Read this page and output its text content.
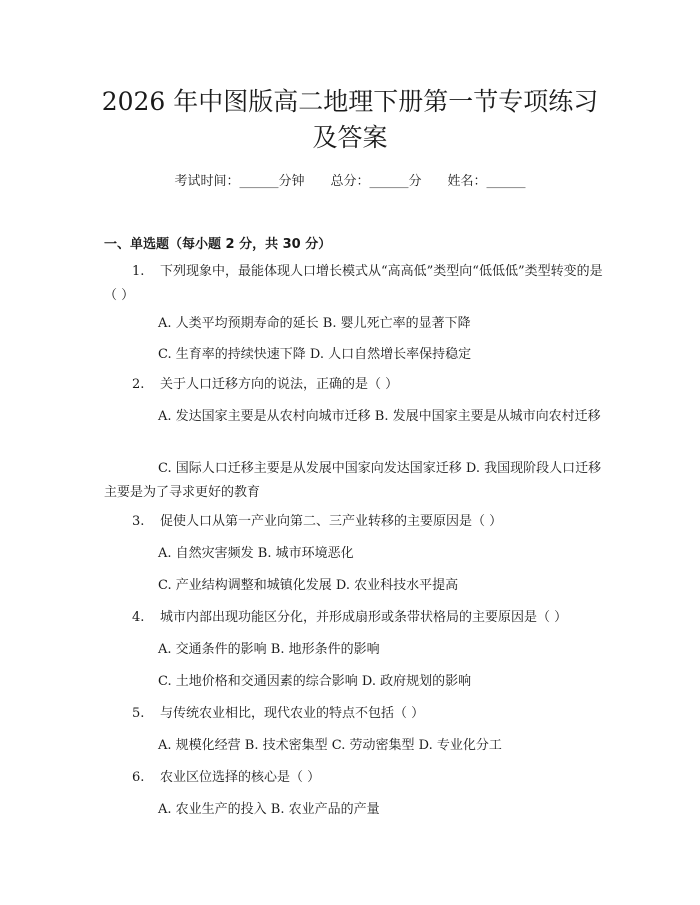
2026 年中图版高二地理下册第一节专项练习
及答案
考试时间：______分钟 总分：______分 姓名：______
一、单选题（每小题 2 分，共 30 分）
1. 下列现象中，最能体现人口增长模式从“高高低”类型向“低低低”类型转变的是（ ）
A. 人类平均预期寿命的延长 B. 婴儿死亡率的显著下降
C. 生育率的持续快速下降 D. 人口自然增长率保持稳定
2. 关于人口迁移方向的说法，正确的是（ ）
A. 发达国家主要是从农村向城市迁移 B. 发展中国家主要是从城市向农村迁移
C. 国际人口迁移主要是从发展中国家向发达国家迁移 D. 我国现阶段人口迁移主要是为了寻求更好的教育
3. 促使人口从第一产业向第二、三产业转移的主要原因是（ ）
A. 自然灾害频发 B. 城市环境恶化
C. 产业结构调整和城镇化发展 D. 农业科技水平提高
4. 城市内部出现功能区分化，并形成扇形或条带状格局的主要原因是（ ）
A. 交通条件的影响 B. 地形条件的影响
C. 土地价格和交通因素的综合影响 D. 政府规划的影响
5. 与传统农业相比，现代农业的特点不包括（ ）
A. 规模化经营 B. 技术密集型 C. 劳动密集型 D. 专业化分工
6. 农业区位选择的核心是（ ）
A. 农业生产的投入 B. 农业产品的产量
